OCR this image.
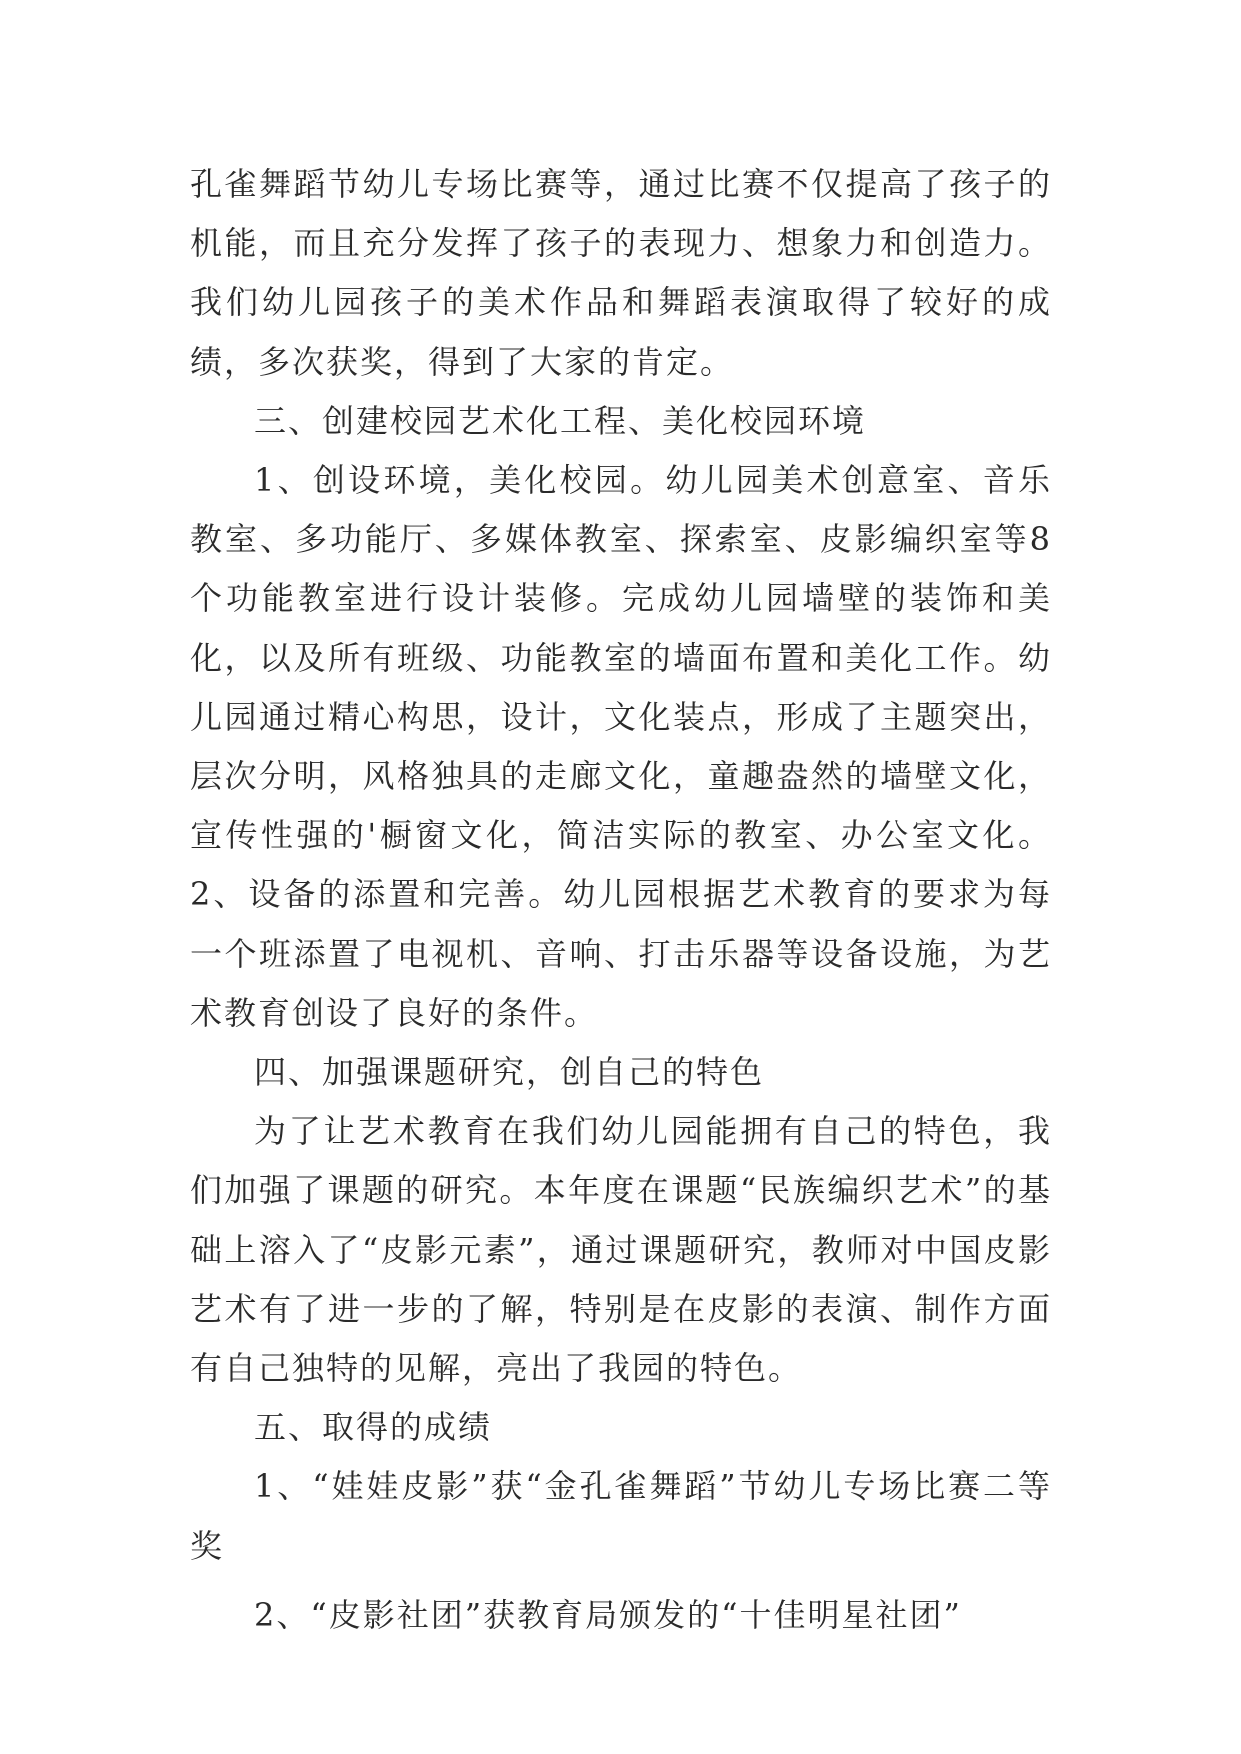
孔雀舞蹈节幼儿专场比赛等，通过比赛不仅提高了孩子的机能，而且充分发挥了孩子的表现力、想象力和创造力。我们幼儿园孩子的美术作品和舞蹈表演取得了较好的成绩，多次获奖，得到了大家的肯定。

三、创建校园艺术化工程、美化校园环境

1、创设环境，美化校园。幼儿园美术创意室、音乐教室、多功能厅、多媒体教室、探索室、皮影编织室等8个功能教室进行设计装修。完成幼儿园墙壁的装饰和美化，以及所有班级、功能教室的墙面布置和美化工作。幼儿园通过精心构思，设计，文化装点，形成了主题突出，层次分明，风格独具的走廊文化，童趣盎然的墙壁文化，宣传性强的'橱窗文化，简洁实际的教室、办公室文化。2、设备的添置和完善。幼儿园根据艺术教育的要求为每一个班添置了电视机、音响、打击乐器等设备设施，为艺术教育创设了良好的条件。

四、加强课题研究，创自己的特色

为了让艺术教育在我们幼儿园能拥有自己的特色，我们加强了课题的研究。本年度在课题“民族编织艺术”的基础上溶入了“皮影元素”，通过课题研究，教师对中国皮影艺术有了进一步的了解，特别是在皮影的表演、制作方面有自己独特的见解，亮出了我园的特色。

五、取得的成绩

1、“娃娃皮影”获“金孔雀舞蹈”节幼儿专场比赛二等奖

2、“皮影社团”获教育局颁发的“十佳明星社团”
